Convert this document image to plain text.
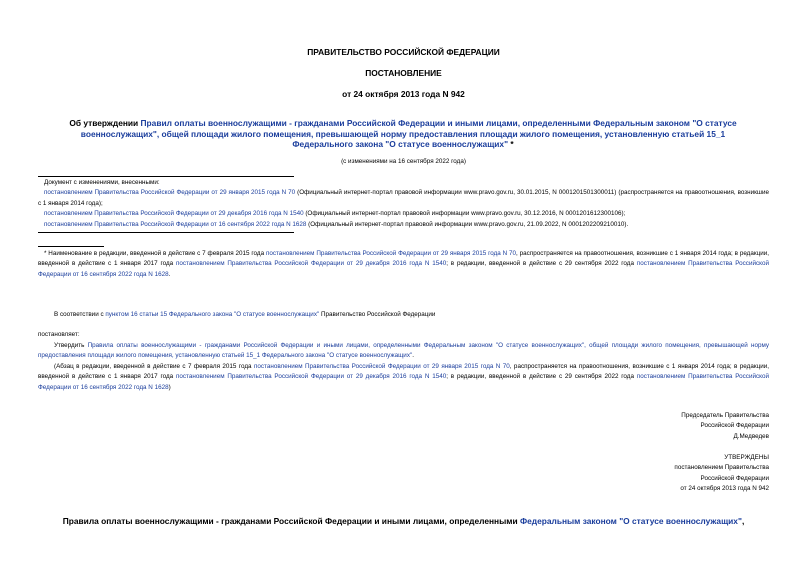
ПРАВИТЕЛЬСТВО РОССИЙСКОЙ ФЕДЕРАЦИИ
ПОСТАНОВЛЕНИЕ
от 24 октября 2013 года N 942
Об утверждении Правил оплаты военнослужащими - гражданами Российской Федерации и иными лицами, определенными Федеральным законом "О статусе военнослужащих", общей площади жилого помещения, превышающей норму предоставления площади жилого помещения, установленную статьей 15_1 Федерального закона "О статусе военнослужащих" *
(с изменениями на 16 сентября 2022 года)
Документ с изменениями, внесенными:
постановлением Правительства Российской Федерации от 29 января 2015 года N 70 (Официальный интернет-портал правовой информации www.pravo.gov.ru, 30.01.2015, N 0001201501300011) (распространяется на правоотношения, возникшие с 1 января 2014 года);
постановлением Правительства Российской Федерации от 29 декабря 2016 года N 1540 (Официальный интернет-портал правовой информации www.pravo.gov.ru, 30.12.2016, N 0001201612300106);
постановлением Правительства Российской Федерации от 16 сентября 2022 года N 1628 (Официальный интернет-портал правовой информации www.pravo.gov.ru, 21.09.2022, N 0001202209210010).
* Наименование в редакции, введенной в действие с 7 февраля 2015 года постановлением Правительства Российской Федерации от 29 января 2015 года N 70, распространяется на правоотношения, возникшие с 1 января 2014 года; в редакции, введенной в действие с 1 января 2017 года постановлением Правительства Российской Федерации от 29 декабря 2016 года N 1540; в редакции, введенной в действие с 29 сентября 2022 года постановлением Правительства Российской Федерации от 16 сентября 2022 года N 1628.
В соответствии с пунктом 16 статьи 15 Федерального закона "О статусе военнослужащих" Правительство Российской Федерации
постановляет:
Утвердить Правила оплаты военнослужащими - гражданами Российской Федерации и иными лицами, определенными Федеральным законом "О статусе военнослужащих", общей площади жилого помещения, превышающей норму предоставления площади жилого помещения, установленную статьей 15_1 Федерального закона "О статусе военнослужащих".
(Абзац в редакции, введенной в действие с 7 февраля 2015 года постановлением Правительства Российской Федерации от 29 января 2015 года N 70, распространяется на правоотношения, возникшие с 1 января 2014 года; в редакции, введенной в действие с 1 января 2017 года постановлением Правительства Российской Федерации от 29 декабря 2016 года N 1540; в редакции, введенной в действие с 29 сентября 2022 года постановлением Правительства Российской Федерации от 16 сентября 2022 года N 1628)
Председатель Правительства
Российской Федерации
Д.Медведев
УТВЕРЖДЕНЫ
постановлением Правительства
Российской Федерации
от 24 октября 2013 года N 942
Правила оплаты военнослужащими - гражданами Российской Федерации и иными лицами, определенными Федеральным законом "О статусе военнослужащих",
